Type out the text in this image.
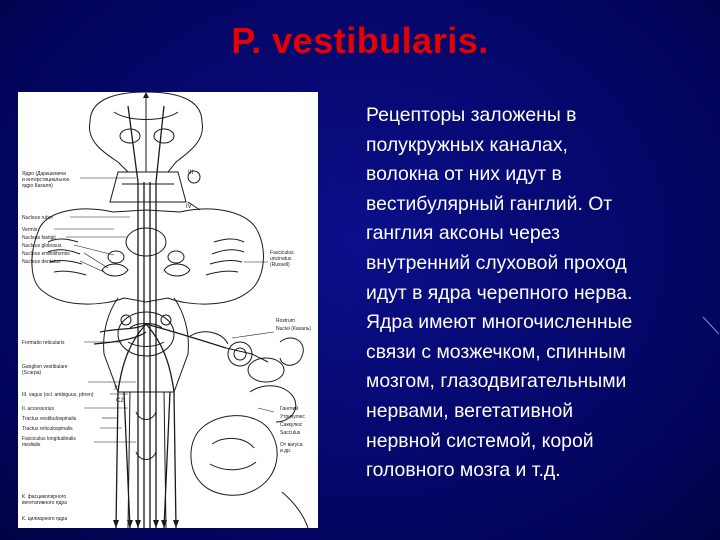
P. vestibularis.
Ядро (Даркшевича
и интерстициальное
ядро Кахаля)
Nucleus ruber
Vermis
Nucleus fastigii
Nucleus globosus
Nucleus emboliformis
Nucleus dentatus
Formatio reticularis
Ganglion vestibulare
(Scarpa)
III. vagus (ncl. ambiguus, phren)
II. accessorius
Tractus vestibulospinalis
Tractus reticulospinalis
Fasciculus longitudinalis
medialis
К. фасциколярного
вегетативного ядра
К. цилиарного ядра
Fasciculus
uncinatus
(Russell)
Rostrum
Nuclei (Кахаль)
Ганглий
Утрикулюс
Саккулюс
Sacculus
От вагуса
и др.
III
IV
X
C2

Рецепторы заложены в
полукружных каналах,
волокна от них идут в
вестибулярный ганглий. От
ганглия аксоны через
внутренний слуховой проход
идут в ядра черепного нерва.
Ядра имеют многочисленные
связи с мозжечком, спинным
мозгом, глазодвигательными
нервами, вегетативной
нервной системой, корой
головного мозга и т.д.
